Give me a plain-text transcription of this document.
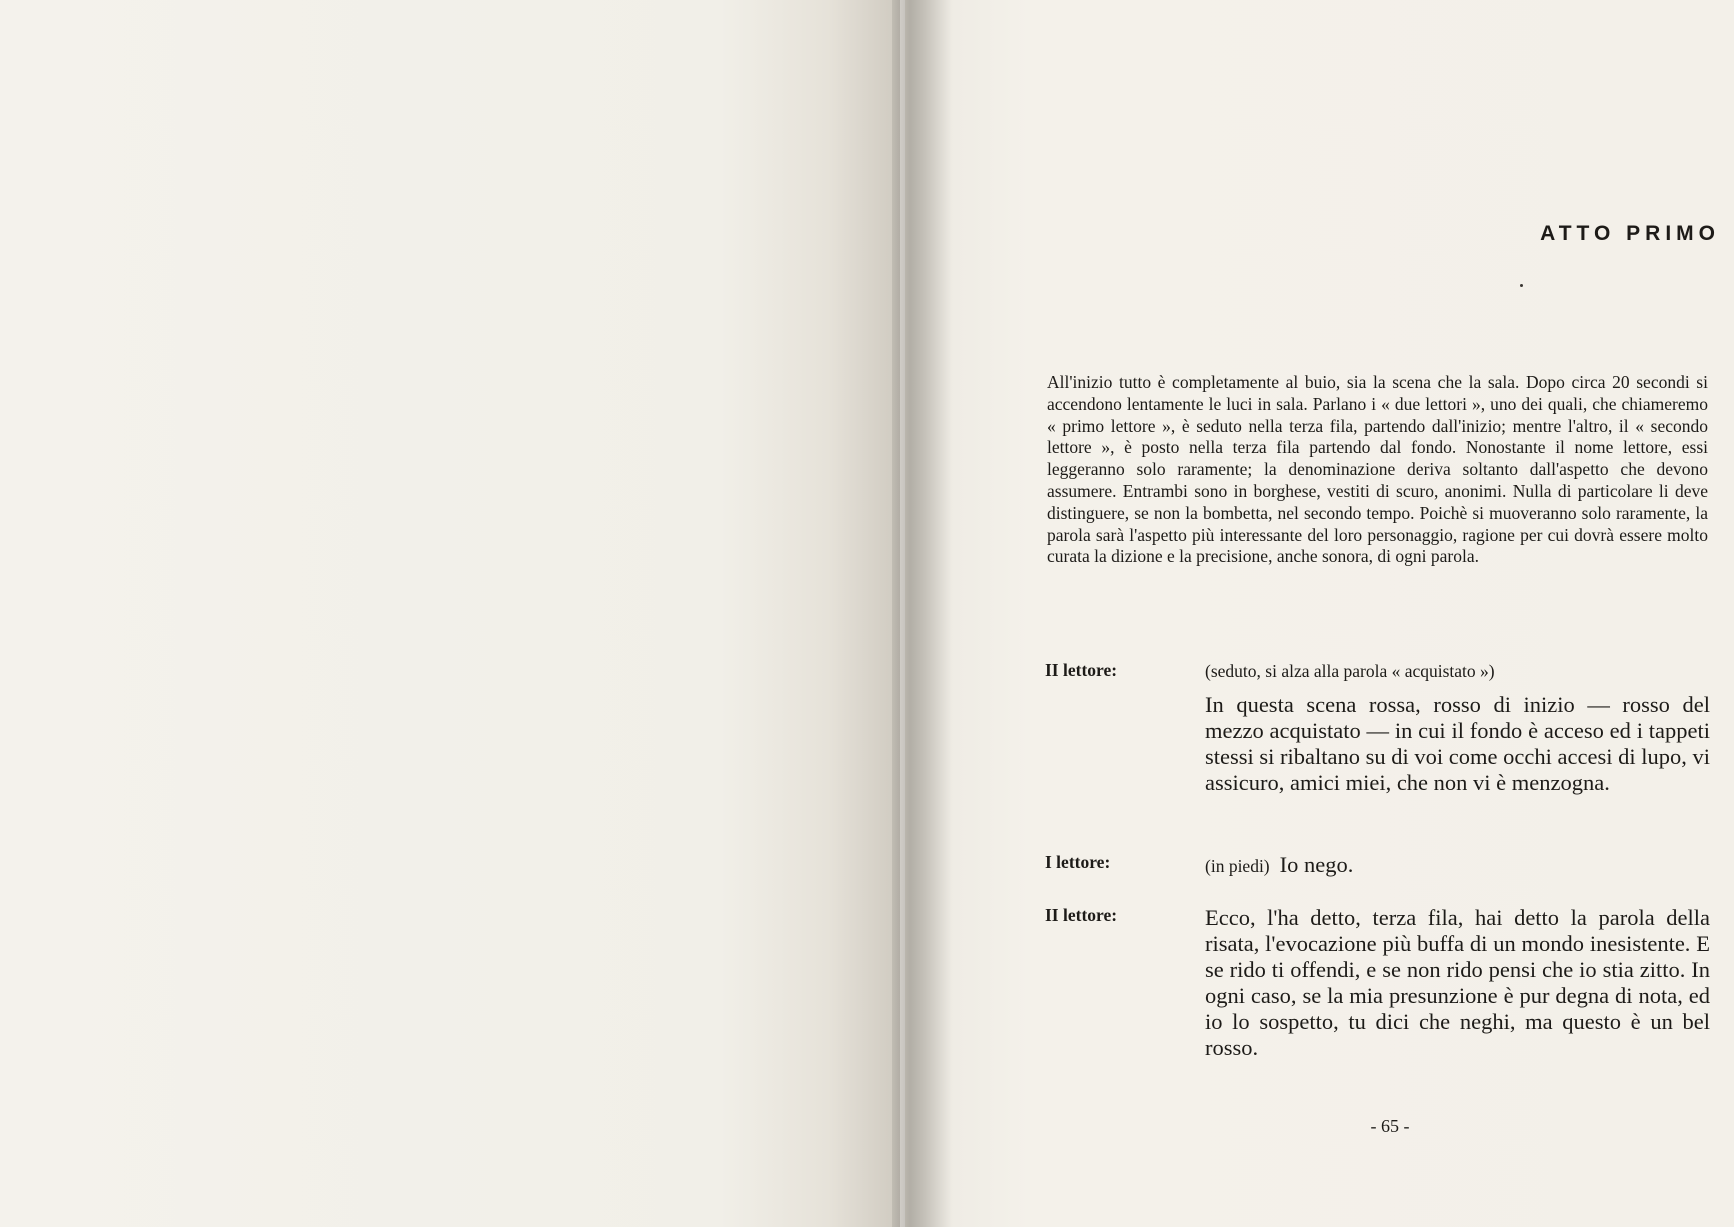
ATTO PRIMO
All'inizio tutto è completamente al buio, sia la scena che la sala. Dopo circa 20 secondi si accendono lentamente le luci in sala. Parlano i « due lettori », uno dei quali, che chiameremo « primo lettore », è seduto nella terza fila, partendo dall'inizio; mentre l'altro, il « secondo lettore », è posto nella terza fila partendo dal fondo. Nonostante il nome lettore, essi leggeranno solo raramente; la denominazione deriva soltanto dall'aspetto che devono assumere. Entrambi sono in borghese, vestiti di scuro, anonimi. Nulla di particolare li deve distinguere, se non la bombetta, nel secondo tempo. Poichè si muoveranno solo raramente, la parola sarà l'aspetto più interessante del loro personaggio, ragione per cui dovrà essere molto curata la dizione e la precisione, anche sonora, di ogni parola.
II lettore:	(seduto, si alza alla parola « acquistato »)
In questa scena rossa, rosso di inizio — rosso del mezzo acquistato — in cui il fondo è acceso ed i tappeti stessi si ribaltano su di voi come occhi accesi di lupo, vi assicuro, amici miei, che non vi è menzogna.
I lettore:	(in piedi) Io nego.
II lettore:	Ecco, l'ha detto, terza fila, hai detto la parola della risata, l'evocazione più buffa di un mondo inesistente. E se rido ti offendi, e se non rido pensi che io stia zitto. In ogni caso, se la mia presunzione è pur degna di nota, ed io lo sospetto, tu dici che neghi, ma questo è un bel rosso.
- 65 -
